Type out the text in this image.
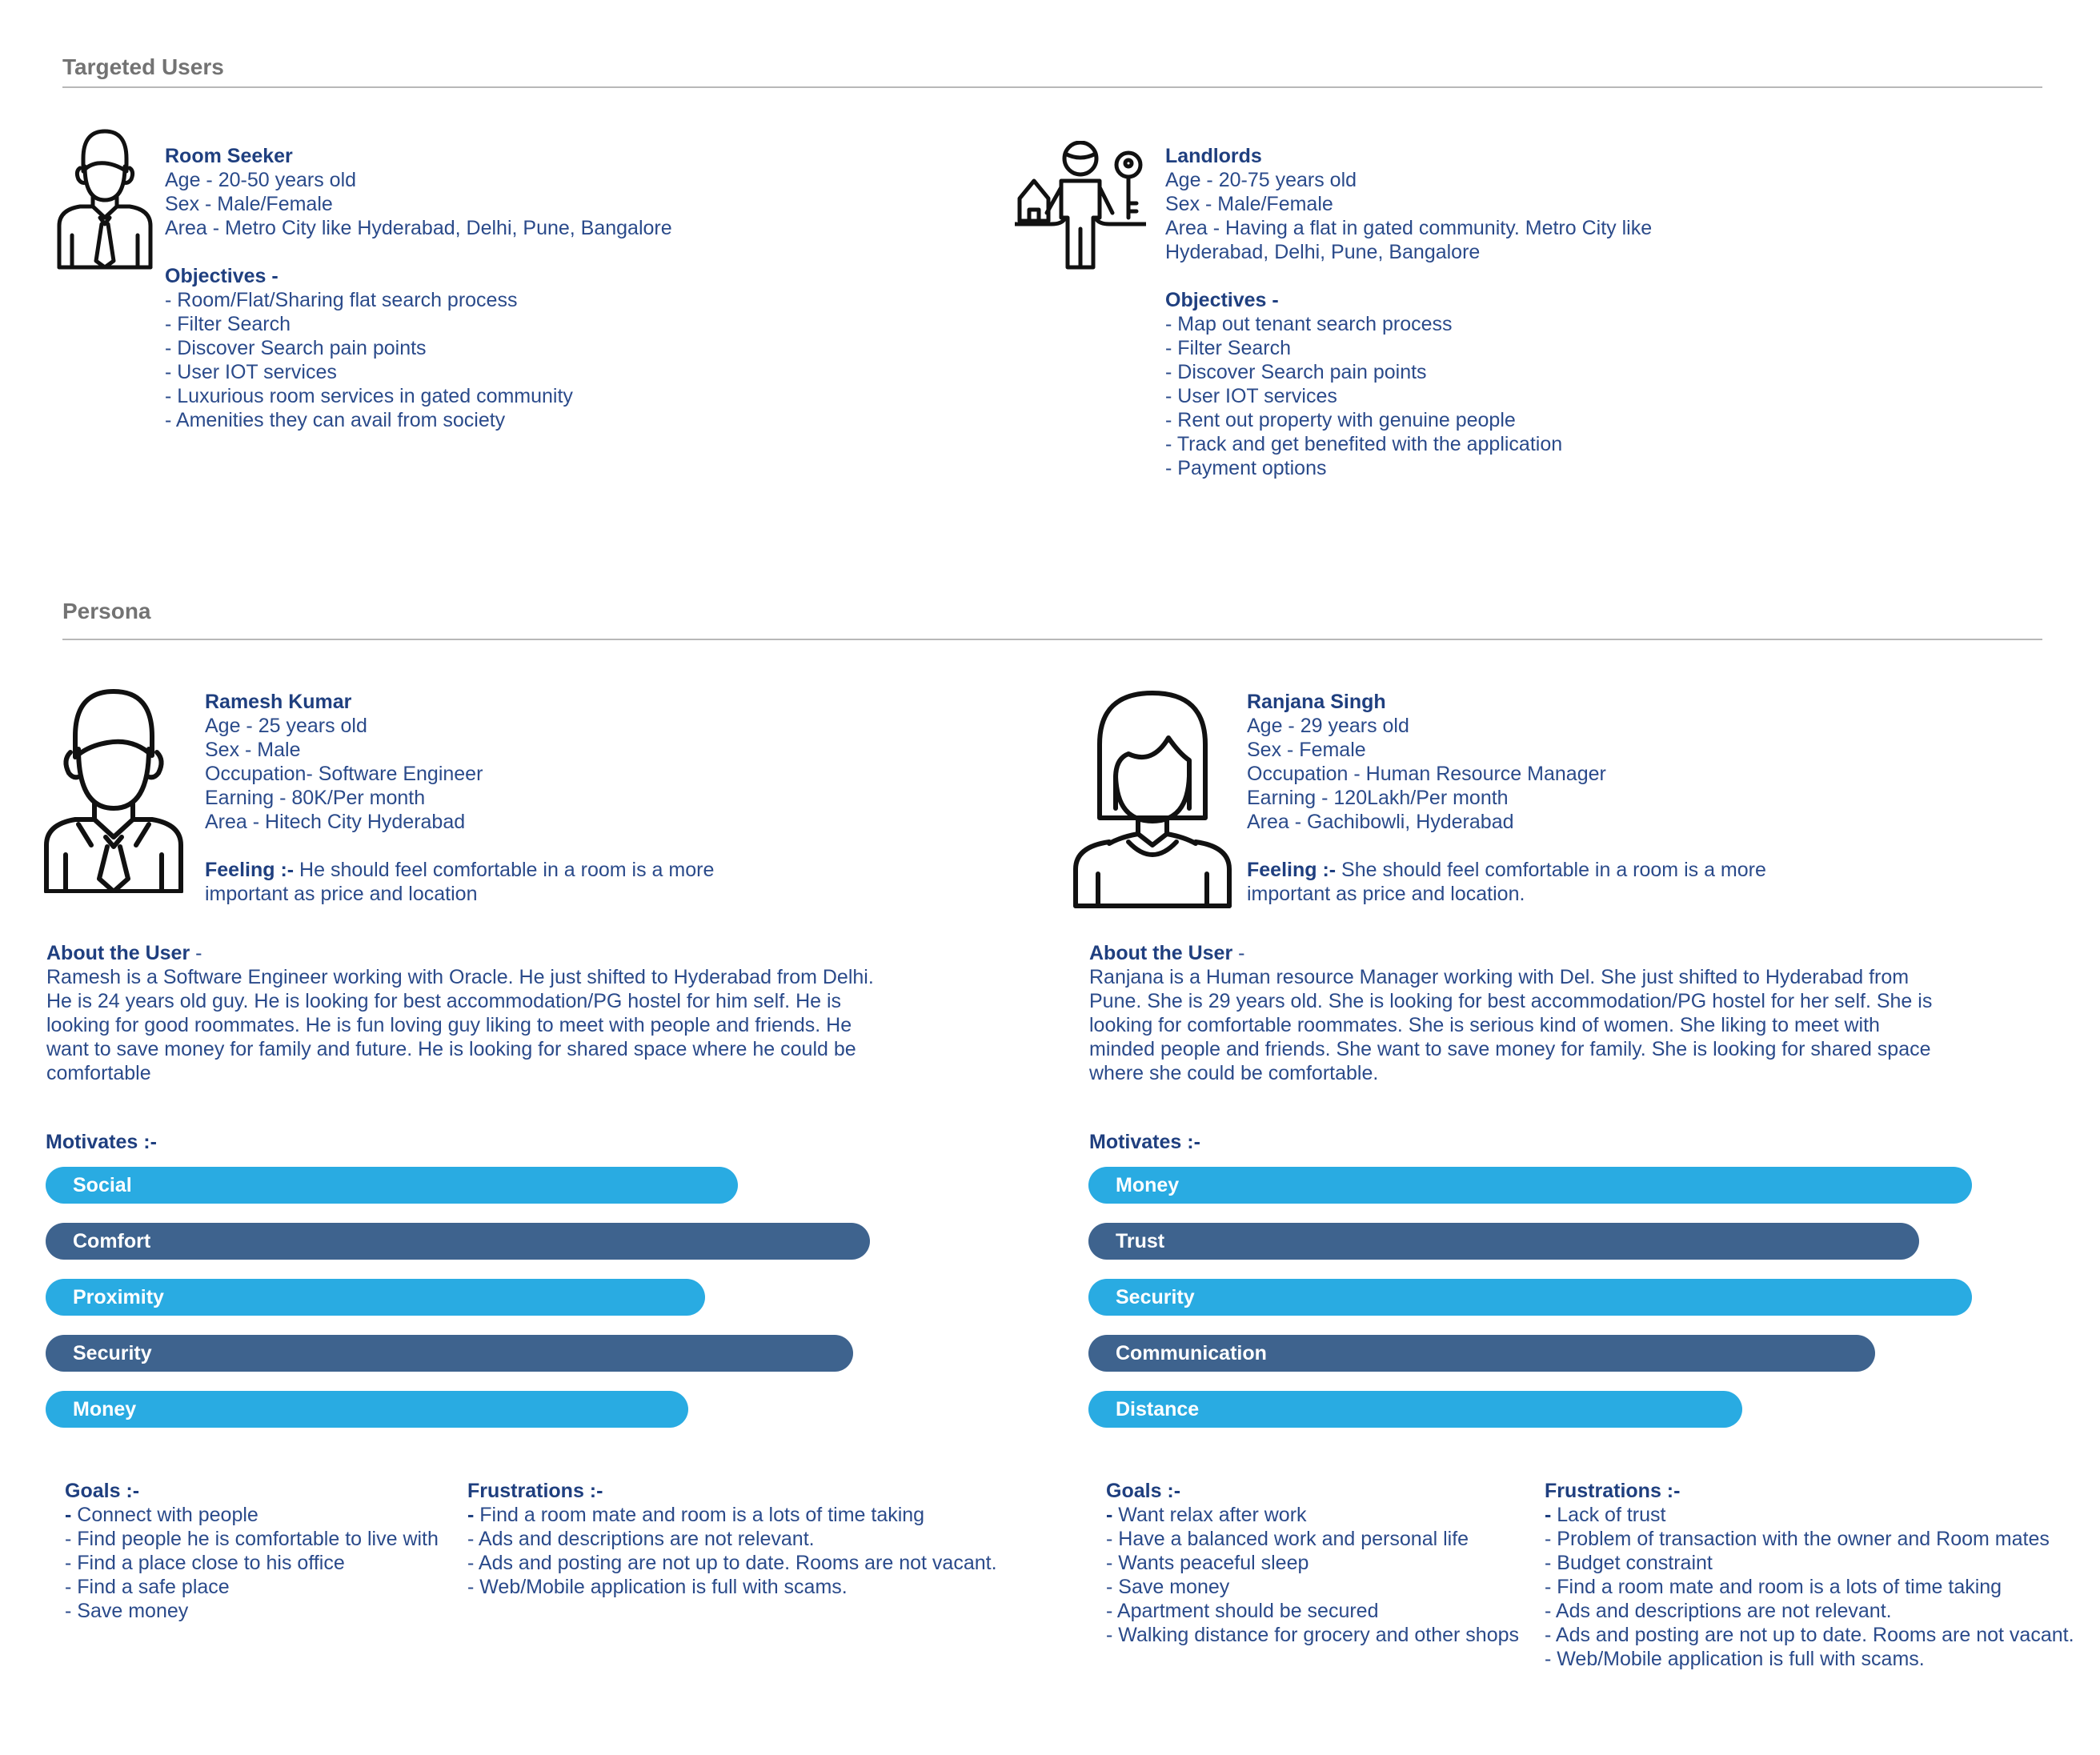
Targeted Users
Room Seeker
Age - 20-50 years old
Sex - Male/Female
Area - Metro City like Hyderabad, Delhi, Pune, Bangalore

Objectives -
- Room/Flat/Sharing flat search process
- Filter Search
- Discover Search pain points
- User IOT services
- Luxurious room services in gated community
- Amenities they can avail from society
Landlords
Age - 20-75 years old
Sex - Male/Female
Area - Having a flat in gated community. Metro City like
Hyderabad, Delhi, Pune, Bangalore

Objectives -
- Map out tenant search process
- Filter Search
- Discover Search pain points
- User IOT services
- Rent out property with genuine people
- Track and get benefited with the application
- Payment options
Persona
Ramesh Kumar
Age - 25 years old
Sex - Male
Occupation- Software Engineer
Earning - 80K/Per month
Area - Hitech City Hyderabad

Feeling :- He should feel comfortable in a room is a more
important as price and location
About the User -
Ramesh is a Software Engineer working with Oracle. He just shifted to Hyderabad from Delhi.
He is 24 years old guy. He is looking for best accommodation/PG hostel for him self. He is
looking for good roommates. He is fun loving guy liking to meet with people and friends. He
want to save money for family and future. He is looking for shared space where he could be
comfortable
Motivates :-
Social
Comfort
Proximity
Security
Money
Goals :-
- Connect with people
- Find people he is comfortable to live with
- Find a place close to his office
- Find a safe place
- Save money
Frustrations :-
- Find a room mate and room is a lots of time taking
- Ads and descriptions are not relevant.
- Ads and posting are not up to date. Rooms are not vacant.
- Web/Mobile application is full with scams.
Ranjana Singh
Age - 29 years old
Sex - Female
Occupation - Human Resource Manager
Earning - 120Lakh/Per month
Area - Gachibowli, Hyderabad

Feeling :- She should feel comfortable in a room is a more
important as price and location.
About the User -
Ranjana is a Human resource Manager working with Del. She just shifted to Hyderabad from
Pune. She is 29 years old. She is looking for best accommodation/PG hostel for her self. She is
looking for comfortable roommates. She is serious kind of women. She liking to meet with
minded people and friends. She want to save money for family. She is looking for shared space
where she could be comfortable.
Motivates :-
Money
Trust
Security
Communication
Distance
Goals :-
- Want relax after work
- Have a balanced work and personal life
- Wants peaceful sleep
- Save money
- Apartment should be secured
- Walking distance for grocery and other shops
Frustrations :-
- Lack of trust
- Problem of transaction with the owner and Room mates
- Budget constraint
- Find a room mate and room is a lots of time taking
- Ads and descriptions are not relevant.
- Ads and posting are not up to date. Rooms are not vacant.
- Web/Mobile application is full with scams.
